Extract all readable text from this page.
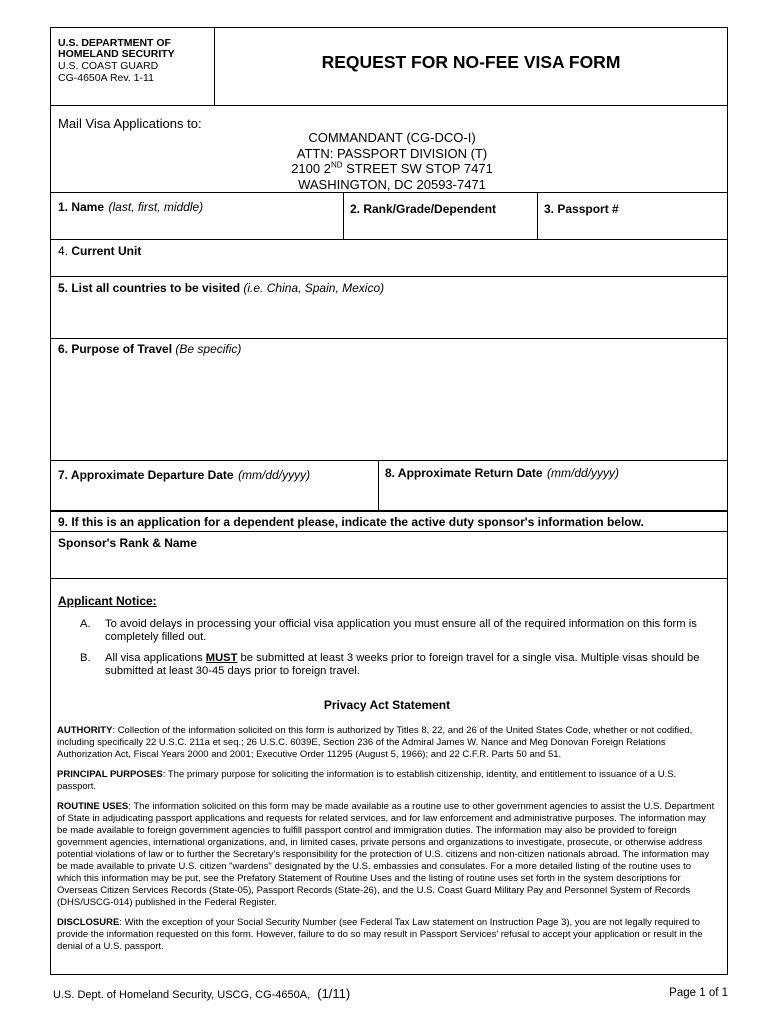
U.S. DEPARTMENT OF
HOMELAND SECURITY
U.S. COAST GUARD
CG-4650A Rev. 1-11
REQUEST FOR NO-FEE VISA FORM
Mail Visa Applications to:
COMMANDANT (CG-DCO-I)
ATTN: PASSPORT DIVISION (T)
2100 2ND STREET SW STOP 7471
WASHINGTON, DC 20593-7471
1. Name (last, first, middle)	2. Rank/Grade/Dependent	3. Passport #
4. Current Unit
5. List all countries to be visited (i.e. China, Spain, Mexico)
6. Purpose of Travel (Be specific)
7. Approximate Departure Date (mm/dd/yyyy)	8. Approximate Return Date (mm/dd/yyyy)
9. If this is an application for a dependent please, indicate the active duty sponsor's information below.
Sponsor's Rank & Name
Applicant Notice:
A. To avoid delays in processing your official visa application you must ensure all of the required information on this form is completely filled out.
B. All visa applications MUST be submitted at least 3 weeks prior to foreign travel for a single visa. Multiple visas should be submitted at least 30-45 days prior to foreign travel.
Privacy Act Statement

AUTHORITY: Collection of the information solicited on this form is authorized by Titles 8, 22, and 26 of the United States Code, whether or not codified, including specifically 22 U.S.C. 211a et seq.; 26 U.S.C. 6039E, Section 236 of the Admiral James W. Nance and Meg Donovan Foreign Relations Authorization Act, Fiscal Years 2000 and 2001; Executive Order 11295 (August 5, 1966); and 22 C.F.R. Parts 50 and 51.

PRINCIPAL PURPOSES: The primary purpose for soliciting the information is to establish citizenship, identity, and entitlement to issuance of a U.S. passport.

ROUTINE USES: The information solicited on this form may be made available as a routine use to other government agencies to assist the U.S. Department of State in adjudicating passport applications and requests for related services, and for law enforcement and administrative purposes. The information may be made available to foreign government agencies to fulfill passport control and immigration duties. The information may also be provided to foreign government agencies, international organizations, and, in limited cases, private persons and organizations to investigate, prosecute, or otherwise address potential violations of law or to further the Secretary's responsibility for the protection of U.S. citizens and non-citizen nationals abroad. The information may be made available to private U.S. citizen "wardens" designated by the U.S. embassies and consulates. For a more detailed listing of the routine uses to which this information may be put, see the Prefatory Statement of Routine Uses and the listing of routine uses set forth in the system descriptions for Overseas Citizen Services Records (State-05), Passport Records (State-26), and the U.S. Coast Guard Military Pay and Personnel System of Records (DHS/USCG-014) published in the Federal Register.

DISCLOSURE: With the exception of your Social Security Number (see Federal Tax Law statement on Instruction Page 3), you are not legally required to provide the information requested on this form. However, failure to do so may result in Passport Services' refusal to accept your application or result in the denial of a U.S. passport.

U.S. Dept. of Homeland Security, USCG, CG-4650A, (1/11)	Page 1 of 1
